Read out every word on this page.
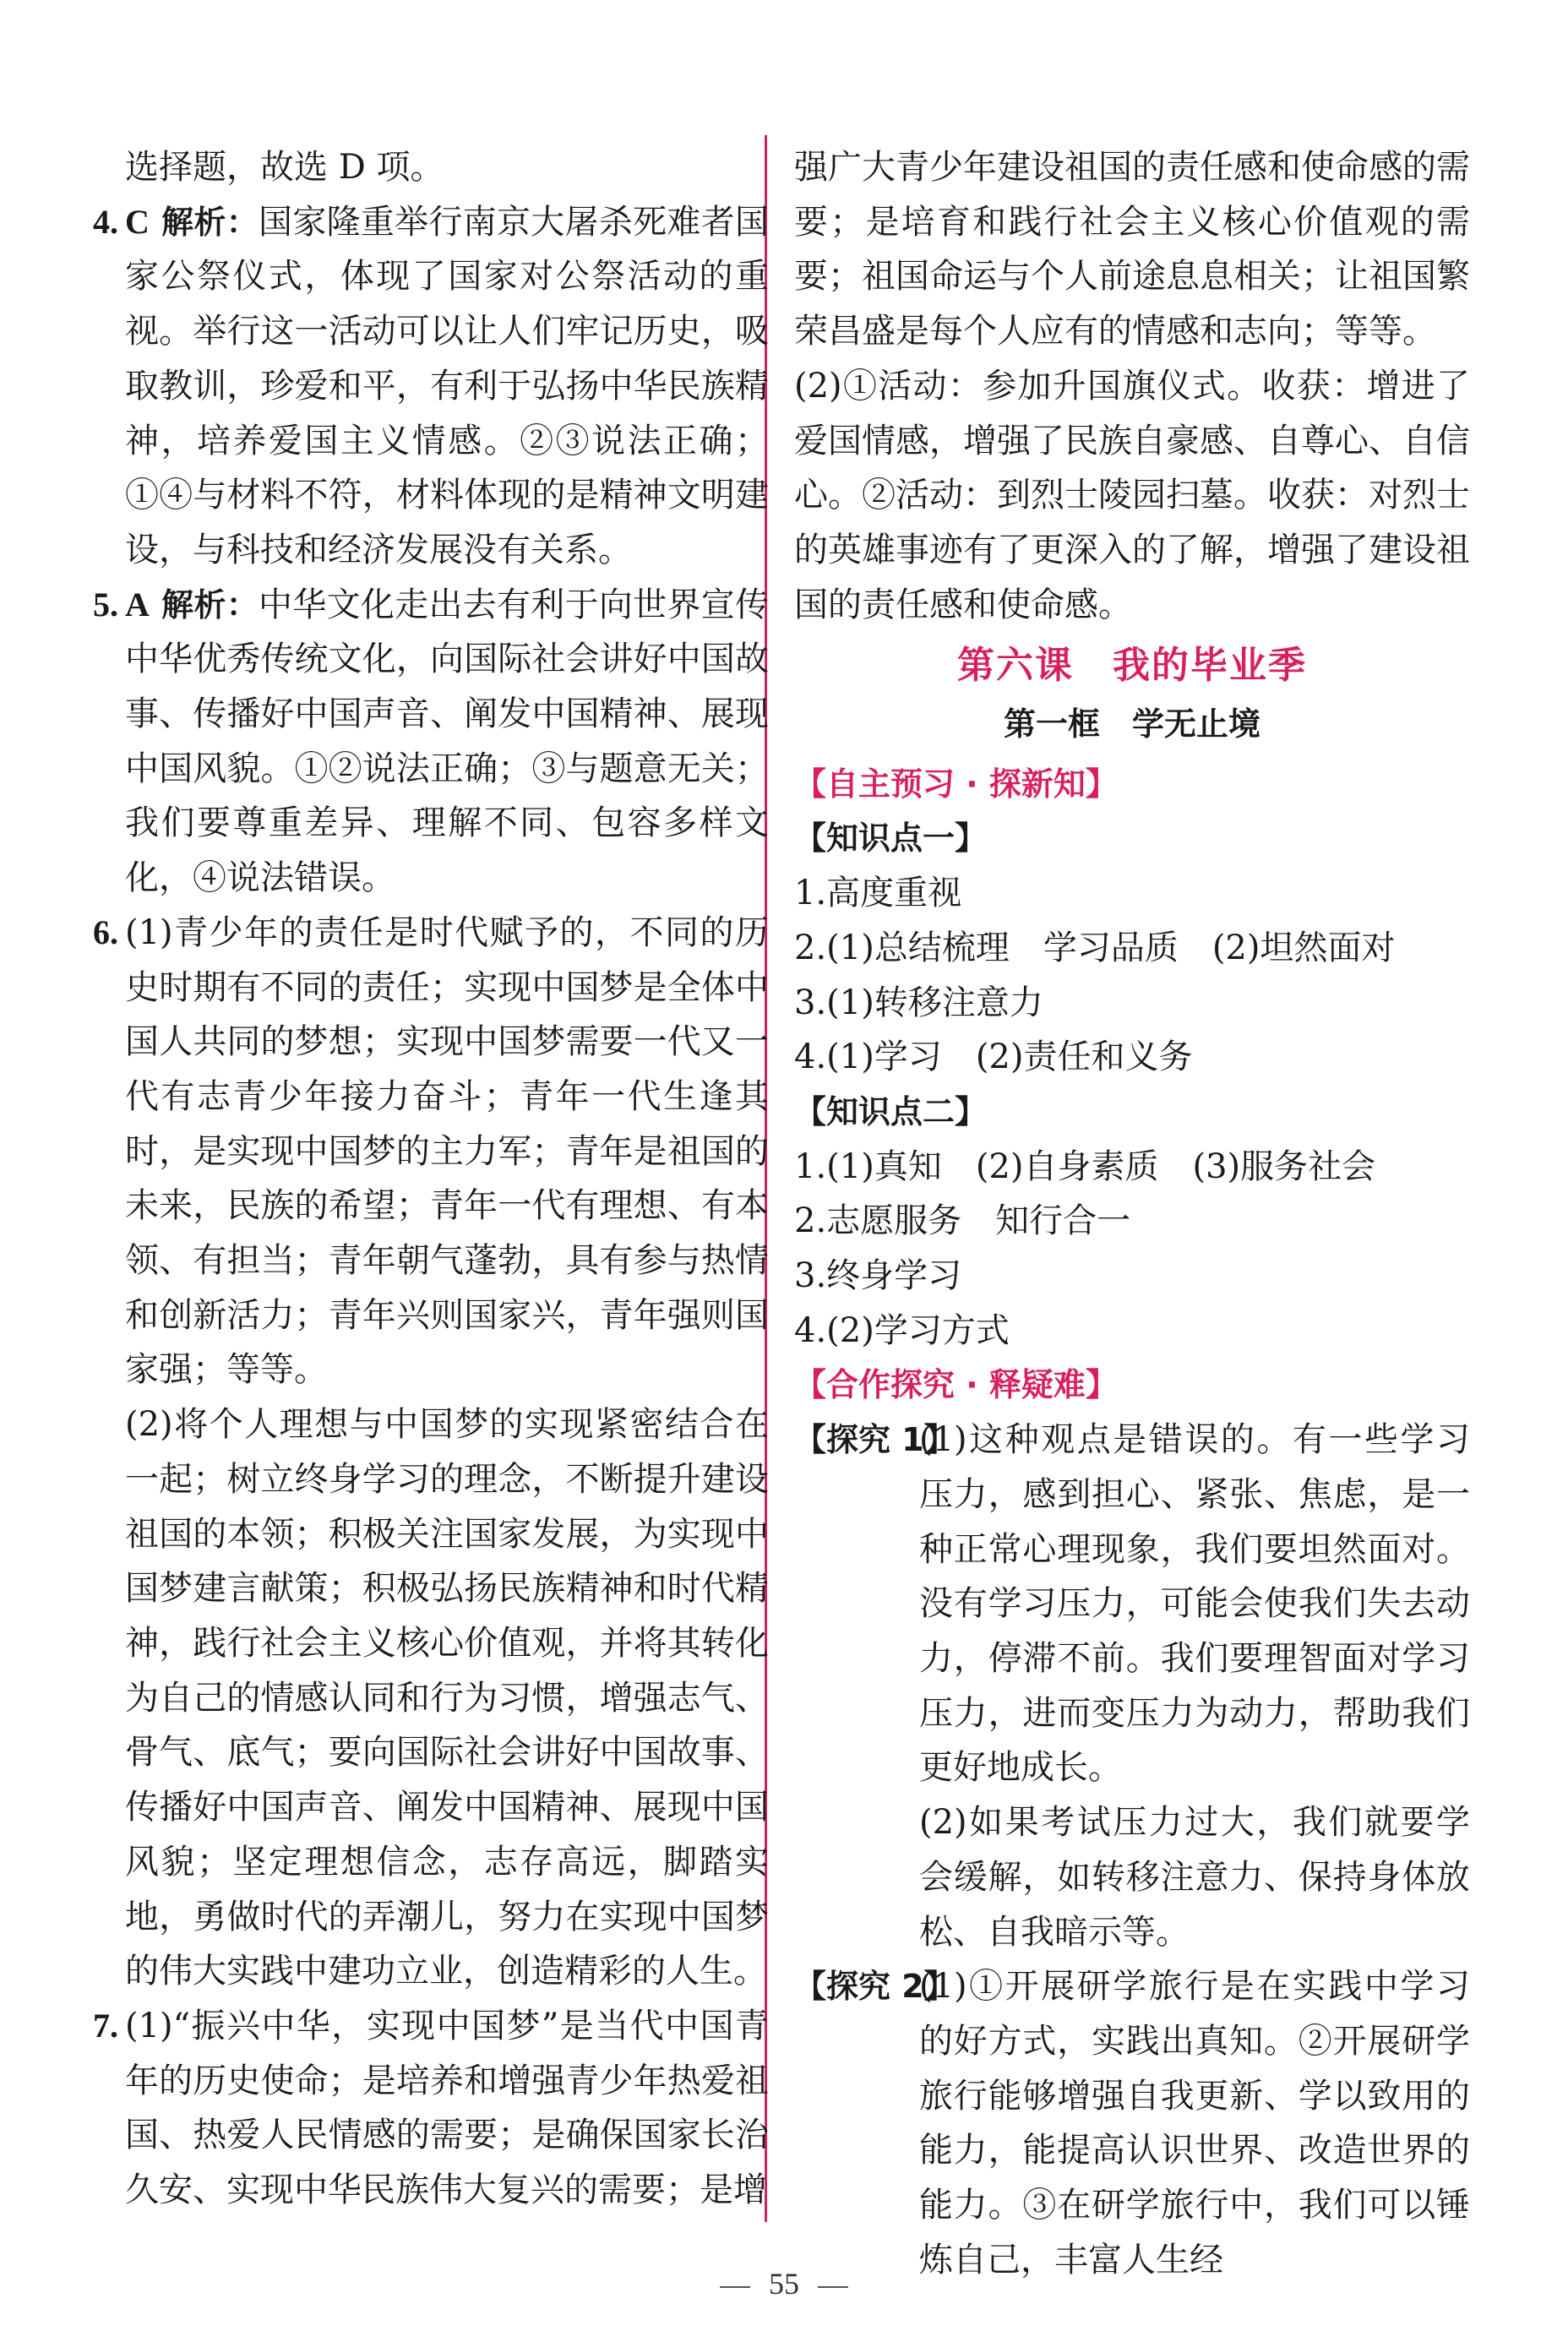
选择题，故选 D 项。

4. C 解析：国家隆重举行南京大屠杀死难者国家公祭仪式，体现了国家对公祭活动的重视。举行这一活动可以让人们牢记历史，吸取教训，珍爱和平，有利于弘扬中华民族精神，培养爱国主义情感。②③说法正确；①④与材料不符，材料体现的是精神文明建设，与科技和经济发展没有关系。

5. A 解析：中华文化走出去有利于向世界宣传中华优秀传统文化，向国际社会讲好中国故事、传播好中国声音、阐发中国精神、展现中国风貌。①②说法正确；③与题意无关；我们要尊重差异、理解不同、包容多样文化，④说法错误。

6. (1)青少年的责任是时代赋予的，不同的历史时期有不同的责任；实现中国梦是全体中国人共同的梦想；实现中国梦需要一代又一代有志青少年接力奋斗；青年一代生逢其时，是实现中国梦的主力军；青年是祖国的未来，民族的希望；青年一代有理想、有本领、有担当；青年朝气蓬勃，具有参与热情和创新活力；青年兴则国家兴，青年强则国家强；等等。

(2)将个人理想与中国梦的实现紧密结合在一起；树立终身学习的理念，不断提升建设祖国的本领；积极关注国家发展，为实现中国梦建言献策；积极弘扬民族精神和时代精神，践行社会主义核心价值观，并将其转化为自己的情感认同和行为习惯，增强志气、骨气、底气；要向国际社会讲好中国故事、传播好中国声音、阐发中国精神、展现中国风貌；坚定理想信念，志存高远，脚踏实地，勇做时代的弄潮儿，努力在实现中国梦的伟大实践中建功立业，创造精彩的人生。

7. (1)“振兴中华，实现中国梦”是当代中国青年的历史使命；是培养和增强青少年热爱祖国、热爱人民情感的需要；是确保国家长治久安、实现中华民族伟大复兴的需要；是增

强广大青少年建设祖国的责任感和使命感的需要；是培育和践行社会主义核心价值观的需要；祖国命运与个人前途息息相关；让祖国繁荣昌盛是每个人应有的情感和志向；等等。

(2)①活动：参加升国旗仪式。收获：增进了爱国情感，增强了民族自豪感、自尊心、自信心。②活动：到烈士陵园扫墓。收获：对烈士的英雄事迹有了更深入的了解，增强了建设祖国的责任感和使命感。

第六课　我的毕业季
第一框　学无止境
【自主预习 · 探新知】
【知识点一】
1.高度重视
2.(1)总结梳理　学习品质　(2)坦然面对
3.(1)转移注意力
4.(1)学习　(2)责任和义务
【知识点二】
1.(1)真知　(2)自身素质　(3)服务社会
2.志愿服务　知行合一
3.终身学习
4.(2)学习方式
【合作探究 · 释疑难】

【探究 1】
(1)这种观点是错误的。有一些学习压力，感到担心、紧张、焦虑，是一种正常心理现象，我们要坦然面对。没有学习压力，可能会使我们失去动力，停滞不前。我们要理智面对学习压力，进而变压力为动力，帮助我们更好地成长。

(2)如果考试压力过大，我们就要学会缓解，如转移注意力、保持身体放松、自我暗示等。

【探究 2】
(1)①开展研学旅行是在实践中学习的好方式，实践出真知。②开展研学旅行能够增强自我更新、学以致用的能力，能提高认识世界、改造世界的能力。③在研学旅行中，我们可以锤炼自己，丰富人生经

55
